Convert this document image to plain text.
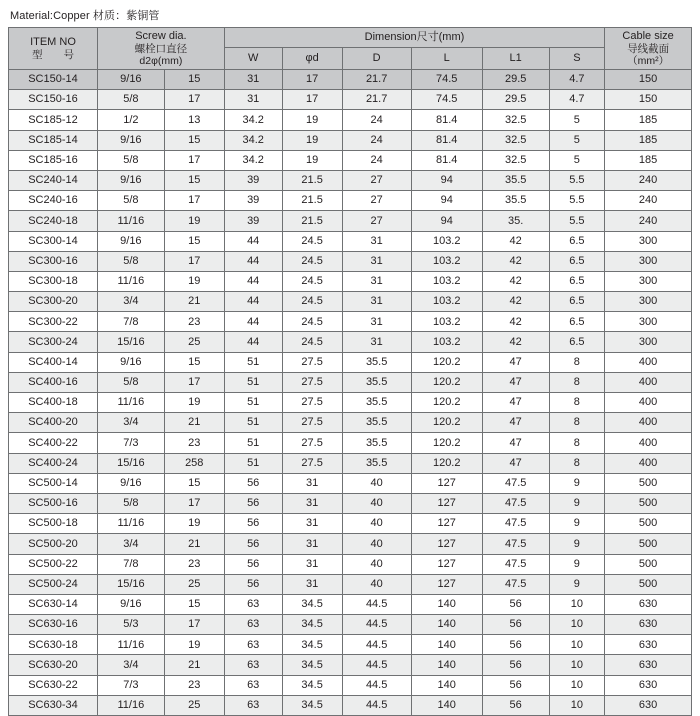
Material:Copper 材质：紫铜管
ITEM NO
型　　号	Screw dia.
螺栓口直径
d2φ(mm)		Dimension尺寸(mm)						Cable size
导线截面
（mm²）

			W	φd	D	L	L1	S	
SC150-14	9/16	15	31	17	21.7	74.5	29.5	4.7	150
SC150-16	5/8	17	31	17	21.7	74.5	29.5	4.7	150
SC185-12	1/2	13	34.2	19	24	81.4	32.5	5	185
SC185-14	9/16	15	34.2	19	24	81.4	32.5	5	185
SC185-16	5/8	17	34.2	19	24	81.4	32.5	5	185
SC240-14	9/16	15	39	21.5	27	94	35.5	5.5	240
SC240-16	5/8	17	39	21.5	27	94	35.5	5.5	240
SC240-18	11/16	19	39	21.5	27	94	35.	5.5	240
SC300-14	9/16	15	44	24.5	31	103.2	42	6.5	300
SC300-16	5/8	17	44	24.5	31	103.2	42	6.5	300
SC300-18	11/16	19	44	24.5	31	103.2	42	6.5	300
SC300-20	3/4	21	44	24.5	31	103.2	42	6.5	300
SC300-22	7/8	23	44	24.5	31	103.2	42	6.5	300
SC300-24	15/16	25	44	24.5	31	103.2	42	6.5	300
SC400-14	9/16	15	51	27.5	35.5	120.2	47	8	400
SC400-16	5/8	17	51	27.5	35.5	120.2	47	8	400
SC400-18	11/16	19	51	27.5	35.5	120.2	47	8	400
SC400-20	3/4	21	51	27.5	35.5	120.2	47	8	400
SC400-22	7/3	23	51	27.5	35.5	120.2	47	8	400
SC400-24	15/16	258	51	27.5	35.5	120.2	47	8	400
SC500-14	9/16	15	56	31	40	127	47.5	9	500
SC500-16	5/8	17	56	31	40	127	47.5	9	500
SC500-18	11/16	19	56	31	40	127	47.5	9	500
SC500-20	3/4	21	56	31	40	127	47.5	9	500
SC500-22	7/8	23	56	31	40	127	47.5	9	500
SC500-24	15/16	25	56	31	40	127	47.5	9	500
SC630-14	9/16	15	63	34.5	44.5	140	56	10	630
SC630-16	5/3	17	63	34.5	44.5	140	56	10	630
SC630-18	11/16	19	63	34.5	44.5	140	56	10	630
SC630-20	3/4	21	63	34.5	44.5	140	56	10	630
SC630-22	7/3	23	63	34.5	44.5	140	56	10	630
SC630-34	11/16	25	63	34.5	44.5	140	56	10	630
